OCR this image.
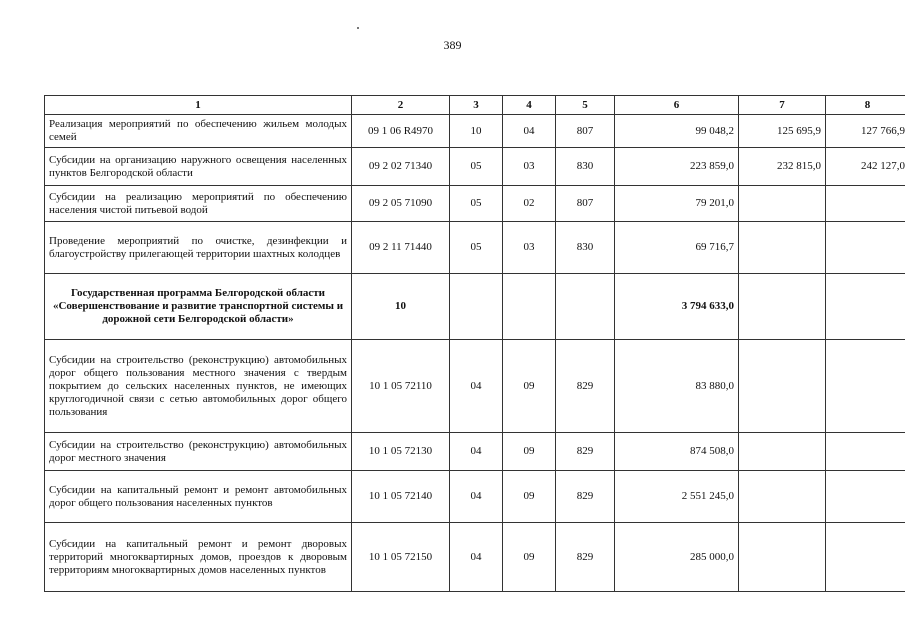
389
1	2	3	4	5	6	7	8
Реализация мероприятий по обеспечению жильем молодых семей	09 1 06 R4970	10	04	807	99 048,2	125 695,9	127 766,9
Субсидии на организацию наружного освещения населенных пунктов Белгородской области	09 2 02 71340	05	03	830	223 859,0	232 815,0	242 127,0
Субсидии на реализацию мероприятий по обеспечению населения чистой питьевой водой	09 2 05 71090	05	02	807	79 201,0		
Проведение мероприятий по очистке, дезинфекции и благоустройству прилегающей территории шахтных колодцев	09 2 11 71440	05	03	830	69 716,7		
Государственная программа Белгородской области «Совершенствование и развитие транспортной системы и дорожной сети Белгородской области»	10				3 794 633,0		
Субсидии на строительство (реконструкцию) автомобильных дорог общего пользования местного значения с твердым покрытием до сельских населенных пунктов, не имеющих круглогодичной связи с сетью автомобильных дорог общего пользования	10 1 05 72110	04	09	829	83 880,0		
Субсидии на строительство (реконструкцию) автомобильных дорог местного значения	10 1 05 72130	04	09	829	874 508,0		
Субсидии на капитальный ремонт и ремонт автомобильных дорог общего пользования населенных пунктов	10 1 05 72140	04	09	829	2 551 245,0		
Субсидии на капитальный ремонт и ремонт дворовых территорий многоквартирных домов, проездов к дворовым территориям многоквартирных домов населенных пунктов	10 1 05 72150	04	09	829	285 000,0		
